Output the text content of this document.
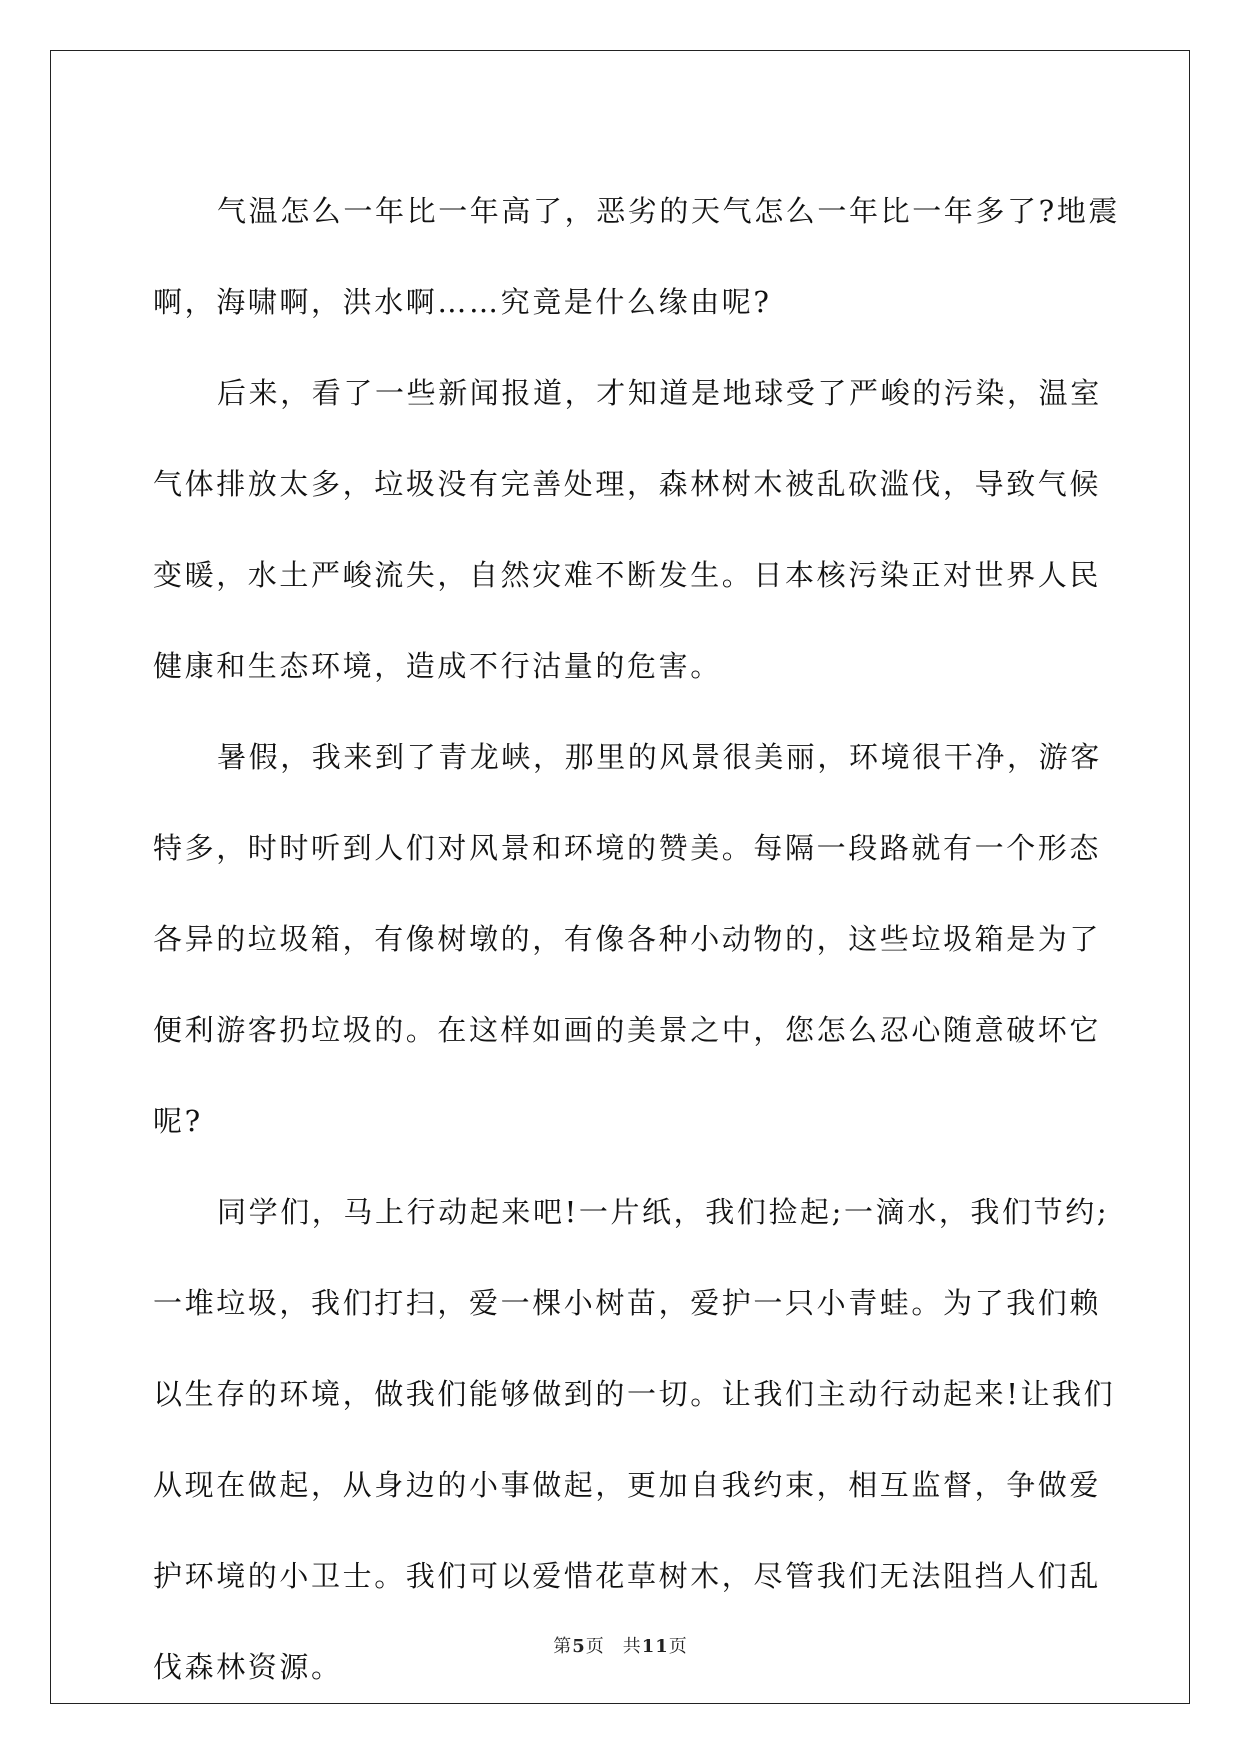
气温怎么一年比一年高了，恶劣的天气怎么一年比一年多了?地震
啊，海啸啊，洪水啊……究竟是什么缘由呢?
后来，看了一些新闻报道，才知道是地球受了严峻的污染，温室
气体排放太多，垃圾没有完善处理，森林树木被乱砍滥伐，导致气候
变暖，水土严峻流失，自然灾难不断发生。日本核污染正对世界人民
健康和生态环境，造成不行沽量的危害。
暑假，我来到了青龙峡，那里的风景很美丽，环境很干净，游客
特多，时时听到人们对风景和环境的赞美。每隔一段路就有一个形态
各异的垃圾箱，有像树墩的，有像各种小动物的，这些垃圾箱是为了
便利游客扔垃圾的。在这样如画的美景之中，您怎么忍心随意破坏它
呢?
同学们，马上行动起来吧!一片纸，我们捡起;一滴水，我们节约;
一堆垃圾，我们打扫，爱一棵小树苗，爱护一只小青蛙。为了我们赖
以生存的环境，做我们能够做到的一切。让我们主动行动起来!让我们
从现在做起，从身边的小事做起，更加自我约束，相互监督，争做爱
护环境的小卫士。我们可以爱惜花草树木，尽管我们无法阻挡人们乱
伐森林资源。
第5页 共11页
